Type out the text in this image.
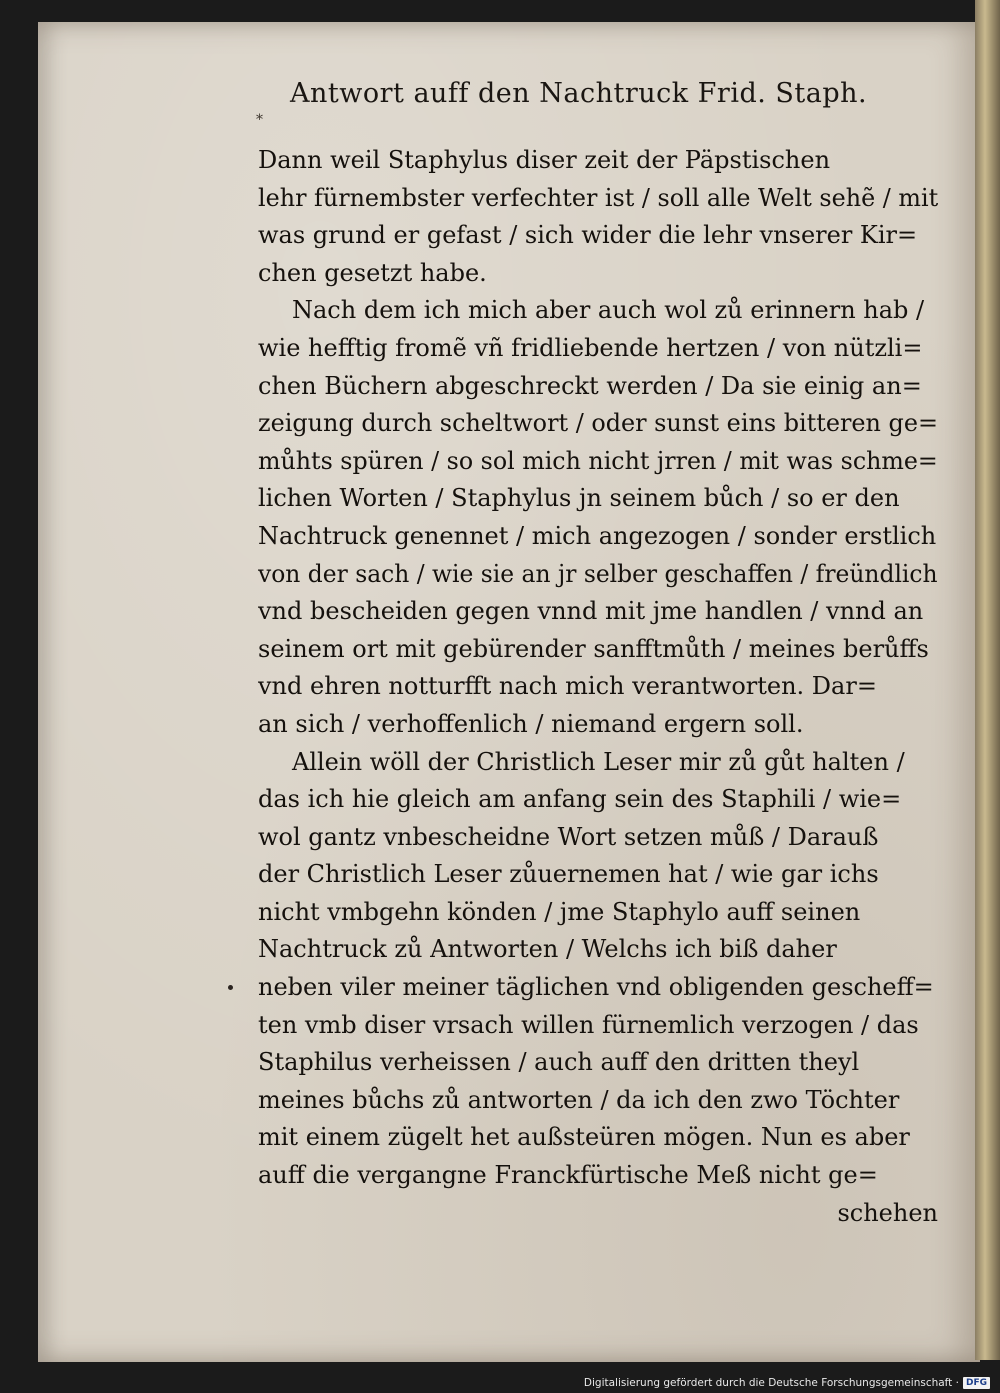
Antwort auff den Nachtruck Frid. Staph.
*
Dann weil Staphylus diser zeit der Päpstischen
lehr fürnembster verfechter ist / soll alle Welt sehẽ / mit
was grund er gefast / sich wider die lehr vnserer Kir=
chen gesetzt habe.
Nach dem ich mich aber auch wol zů erinnern hab /
wie hefftig fromẽ vñ fridliebende hertzen / von nützli=
chen Büchern abgeschreckt werden / Da sie einig an=
zeigung durch scheltwort / oder sunst eins bitteren ge=
můhts spüren / so sol mich nicht jrren / mit was schme=
lichen Worten / Staphylus jn seinem bůch / so er den
Nachtruck genennet / mich angezogen / sonder erstlich
von der sach / wie sie an jr selber geschaffen / freündlich
vnd bescheiden gegen vnnd mit jme handlen / vnnd an
seinem ort mit gebürender sanfftmůth / meines berůffs
vnd ehren notturfft nach mich verantworten. Dar=
an sich / verhoffenlich / niemand ergern soll.
Allein wöll der Christlich Leser mir zů gůt halten /
das ich hie gleich am anfang sein des Staphili / wie=
wol gantz vnbescheidne Wort setzen můß / Darauß
der Christlich Leser zůuernemen hat / wie gar ichs
nicht vmbgehn könden / jme Staphylo auff seinen
Nachtruck zů Antworten / Welchs ich biß daher
neben viler meiner täglichen vnd obligenden gescheff=
ten vmb diser vrsach willen fürnemlich verzogen / das
Staphilus verheissen / auch auff den dritten theyl
meines bůchs zů antworten / da ich den zwo Töchter
mit einem zügelt het außsteüren mögen. Nun es aber
auff die vergangne Franckfürtische Meß nicht ge=
schehen
Digitalisierung gefördert durch die Deutsche Forschungsgemeinschaft · DFG
